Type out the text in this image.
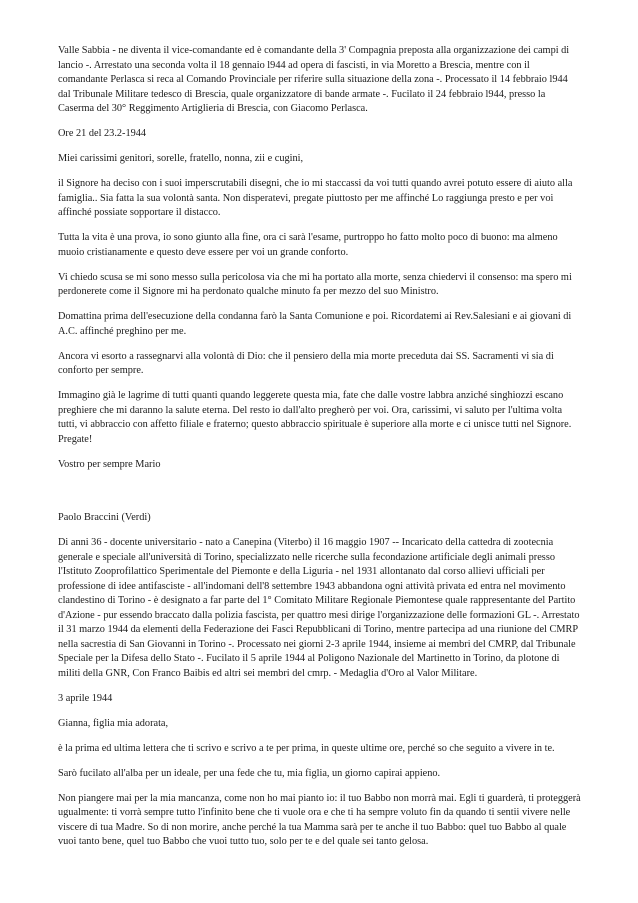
Valle Sabbia - ne diventa il vice-comandante ed è comandante della 3' Compagnia preposta alla organizzazione dei campi di lancio -. Arrestato una seconda volta il 18 gennaio l944 ad opera di fascisti, in via Moretto a Brescia, mentre con il comandante Perlasca si reca al Comando Provinciale per riferire sulla situazione della zona -. Processato il 14 febbraio l944 dal Tribunale Militare tedesco di Brescia, quale organizzatore di bande armate -. Fucilato il 24 febbraio l944, presso la Caserma del 30° Reggimento Artiglieria di Brescia, con Giacomo Perlasca.

Ore 21 del 23.2-1944

Miei carissimi genitori, sorelle, fratello, nonna, zii e cugini,

il Signore ha deciso con i suoi imperscrutabili disegni, che io mi staccassi da voi tutti quando avrei potuto essere di aiuto alla famiglia.. Sia fatta la sua volontà santa. Non disperatevi, pregate piuttosto per me affinché Lo raggiunga presto e per voi affinché possiate sopportare il distacco.

Tutta la vita è una prova, io sono giunto alla fine, ora ci sarà l'esame, purtroppo ho fatto molto poco di buono: ma almeno muoio cristianamente e questo deve essere per voi un grande conforto.

Vi chiedo scusa se mi sono messo sulla pericolosa via che mi ha portato alla morte, senza chiedervi il consenso: ma spero mi perdonerete come il Signore mi ha perdonato qualche minuto fa per mezzo del suo Ministro.

Domattina prima dell'esecuzione della condanna farò la Santa Comunione e poi. Ricordatemi ai Rev.Salesiani e ai giovani di A.C. affinché preghino per me.

Ancora vi esorto a rassegnarvi alla volontà di Dio: che il pensiero della mia morte preceduta dai SS. Sacramenti vi sia di conforto per sempre.

Immagino già le lagrime di tutti quanti quando leggerete questa mia, fate che dalle vostre labbra anziché singhiozzi escano preghiere che mi daranno la salute eterna. Del resto io dall'alto pregherò per voi. Ora, carissimi, vi saluto per l'ultima volta tutti, vi abbraccio con affetto filiale e fraterno; questo abbraccio spirituale è superiore alla morte e ci unisce tutti nel Signore. Pregate!

Vostro per sempre Mario

Paolo Braccini (Verdi)

Di anni 36 - docente universitario - nato a Canepina (Viterbo) il 16 maggio 1907 -- Incaricato della cattedra di zootecnia generale e speciale all'università di Torino, specializzato nelle ricerche sulla fecondazione artificiale degli animali presso l'Istituto Zooprofilattico Sperimentale del Piemonte e della Liguria - nel 1931 allontanato dal corso allievi ufficiali per professione di idee antifasciste - all'indomani dell'8 settembre 1943 abbandona ogni attività privata ed entra nel movimento clandestino di Torino - è designato a far parte del 1° Comitato Militare Regionale Piemontese quale rappresentante del Partito d'Azione - pur essendo braccato dalla polizia fascista, per quattro mesi dirige l'organizzazione delle formazioni GL -. Arrestato il 31 marzo 1944 da elementi della Federazione dei Fasci Repubblicani di Torino, mentre partecipa ad una riunione del CMRP nella sacrestia di San Giovanni in Torino -. Processato nei giorni 2-3 aprile 1944, insieme ai membri del CMRP, dal Tribunale Speciale per la Difesa dello Stato -. Fucilato il 5 aprile 1944 al Poligono Nazionale del Martinetto in Torino, da plotone di militi della GNR, Con Franco Baibis ed altri sei membri del cmrp. - Medaglia d'Oro al Valor Militare.

3 aprile 1944

Gianna, figlia mia adorata,

è la prima ed ultima lettera che ti scrivo e scrivo a te per prima, in queste ultime ore, perché so che seguito a vivere in te.

Sarò fucilato all'alba per un ideale, per una fede che tu, mia figlia, un giorno capirai appieno.

Non piangere mai per la mia mancanza, come non ho mai pianto io: il tuo Babbo non morrà mai. Egli ti guarderà, ti proteggerà ugualmente: ti vorrà sempre tutto l'infinito bene che ti vuole ora e che ti ha sempre voluto fin da quando ti sentii vivere nelle viscere di tua Madre. So di non morire, anche perché la tua Mamma sarà per te anche il tuo Babbo: quel tuo Babbo al quale vuoi tanto bene, quel tuo Babbo che vuoi tutto tuo, solo per te e del quale sei tanto gelosa.
